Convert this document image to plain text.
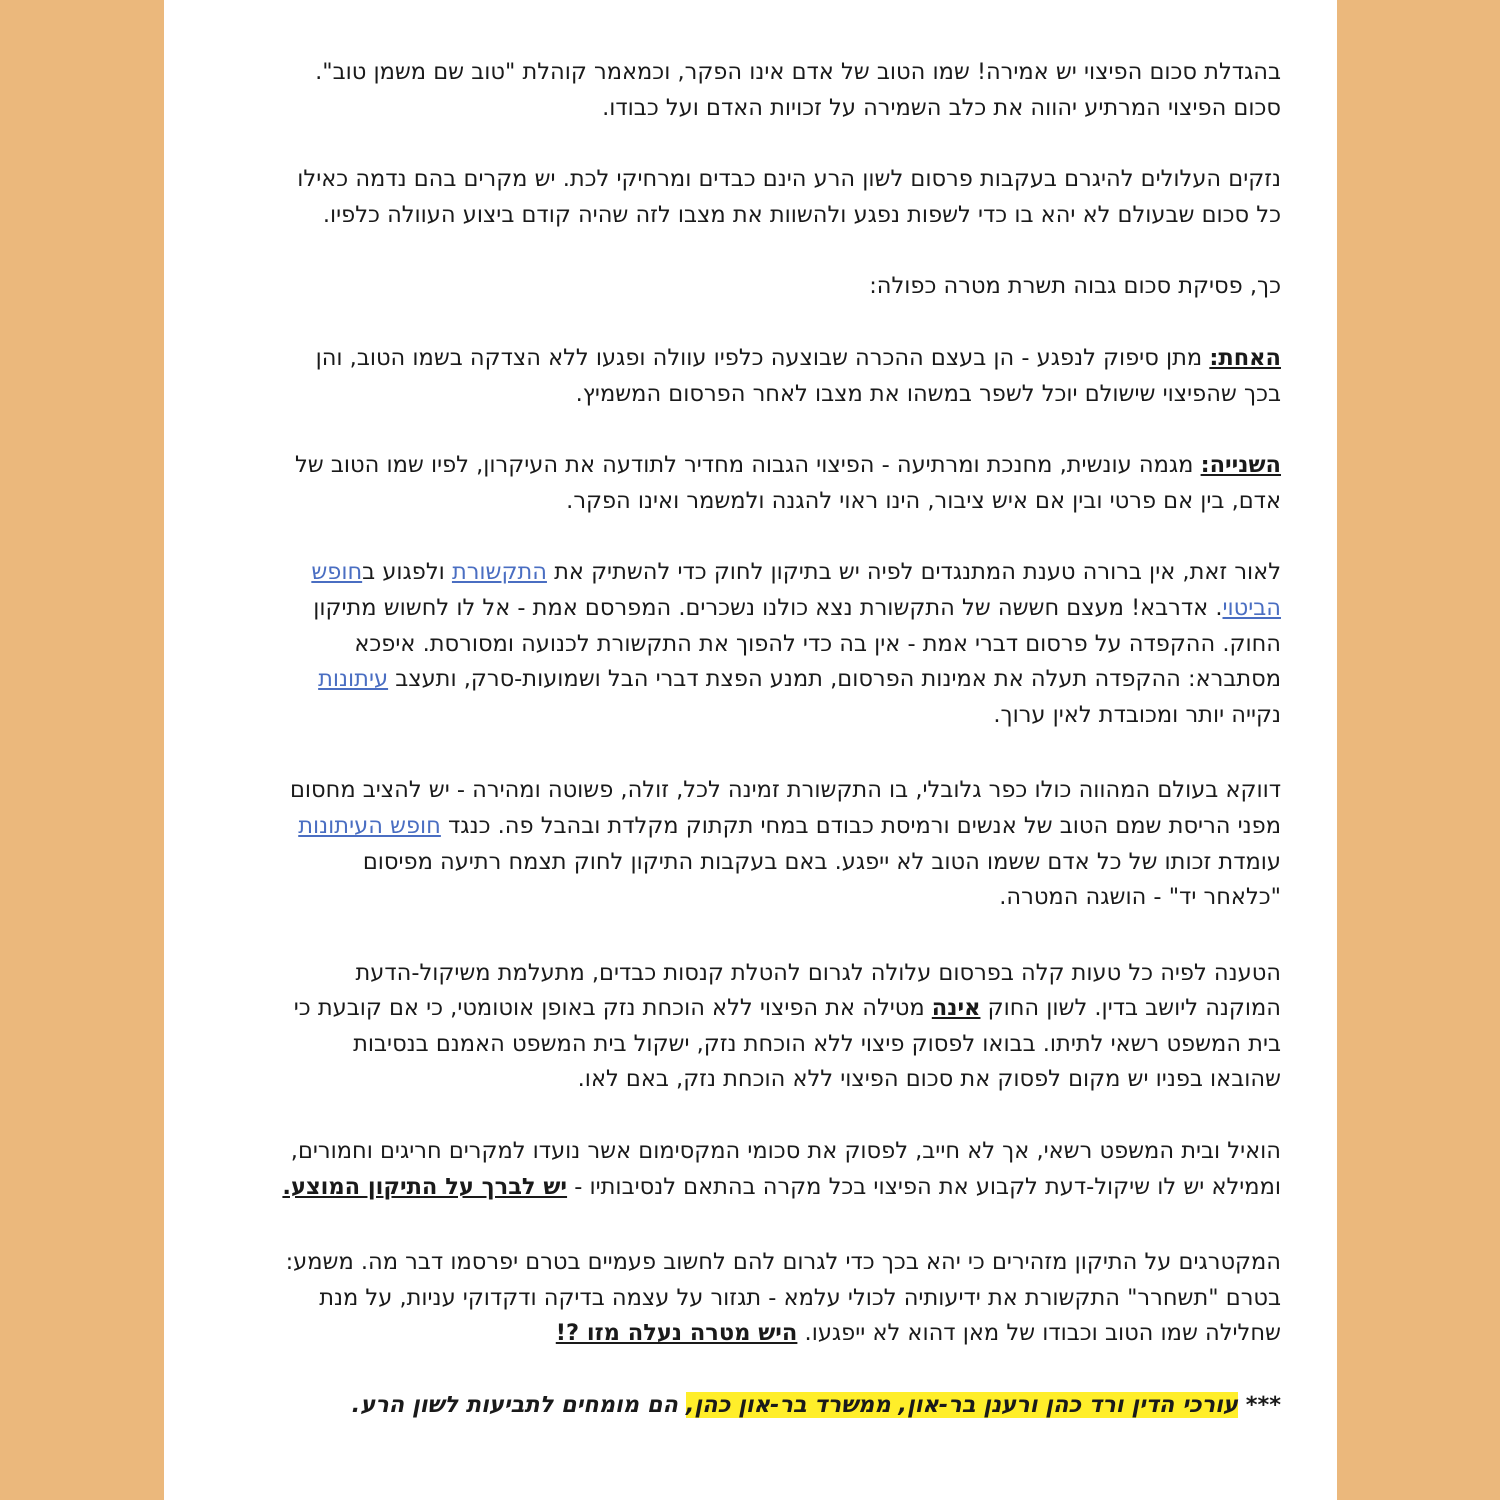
בהגדלת סכום הפיצוי יש אמירה! שמו הטוב של אדם אינו הפקר, וכמאמר קוהלת "טוב שם משמן טוב". סכום הפיצוי המרתיע יהווה את כלב השמירה על זכויות האדם ועל כבודו.

נזקים העלולים להיגרם בעקבות פרסום לשון הרע הינם כבדים ומרחיקי לכת. יש מקרים בהם נדמה כאילו כל סכום שבעולם לא יהא בו כדי לשפות נפגע ולהשוות את מצבו לזה שהיה קודם ביצוע העוולה כלפיו.

כך, פסיקת סכום גבוה תשרת מטרה כפולה:

האחת: מתן סיפוק לנפגע - הן בעצם ההכרה שבוצעה כלפיו עוולה ופגעו ללא הצדקה בשמו הטוב, והן בכך שהפיצוי שישולם יוכל לשפר במשהו את מצבו לאחר הפרסום המשמיץ.

השנייה: מגמה עונשית, מחנכת ומרתיעה - הפיצוי הגבוה מחדיר לתודעה את העיקרון, לפיו שמו הטוב של אדם, בין אם פרטי ובין אם איש ציבור, הינו ראוי להגנה ולמשמר ואינו הפקר.

לאור זאת, אין ברורה טענת המתנגדים לפיה יש בתיקון לחוק כדי להשתיק את התקשורת ולפגוע בחופש הביטוי. אדרבא! מעצם חששה של התקשורת נצא כולנו נשכרים. המפרסם אמת - אל לו לחשוש מתיקון החוק. ההקפדה על פרסום דברי אמת - אין בה כדי להפוך את התקשורת לכנועה ומסורסת. איפכא מסתברא: ההקפדה תעלה את אמינות הפרסום, תמנע הפצת דברי הבל ושמועות-סרק, ותעצב עיתונות נקייה יותר ומכובדת לאין ערוך.

דווקא בעולם המהווה כולו כפר גלובלי, בו התקשורת זמינה לכל, זולה, פשוטה ומהירה - יש להציב מחסום מפני הריסת שמם הטוב של אנשים ורמיסת כבודם במחי תקתוק מקלדת ובהבל פה. כנגד חופש העיתונות עומדת זכותו של כל אדם ששמו הטוב לא ייפגע. באם בעקבות התיקון לחוק תצמח רתיעה מפיסום "כלאחר יד" - הושגה המטרה.

הטענה לפיה כל טעות קלה בפרסום עלולה לגרום להטלת קנסות כבדים, מתעלמת משיקול-הדעת המוקנה ליושב בדין. לשון החוק אינה מטילה את הפיצוי ללא הוכחת נזק באופן אוטומטי, כי אם קובעת כי בית המשפט רשאי לתיתו. בבואו לפסוק פיצוי ללא הוכחת נזק, ישקול בית המשפט האמנם בנסיבות שהובאו בפניו יש מקום לפסוק את סכום הפיצוי ללא הוכחת נזק, באם לאו.

הואיל ובית המשפט רשאי, אך לא חייב, לפסוק את סכומי המקסימום אשר נועדו למקרים חריגים וחמורים, וממילא יש לו שיקול-דעת לקבוע את הפיצוי בכל מקרה בהתאם לנסיבותיו - יש לברך על התיקון המוצע.

המקטרגים על התיקון מזהירים כי יהא בכך כדי לגרום להם לחשוב פעמיים בטרם יפרסמו דבר מה. משמע: בטרם "תשחרר" התקשורת את ידיעותיה לכולי עלמא - תגזור על עצמה בדיקה ודקדוקי עניות, על מנת שחלילה שמו הטוב וכבודו של מאן דהוא לא ייפגעו. היש מטרה נעלה מזו ?!

*** עורכי הדין ורד כהן ורענן בר-און, ממשרד בר-און כהן, הם מומחים לתביעות לשון הרע.
